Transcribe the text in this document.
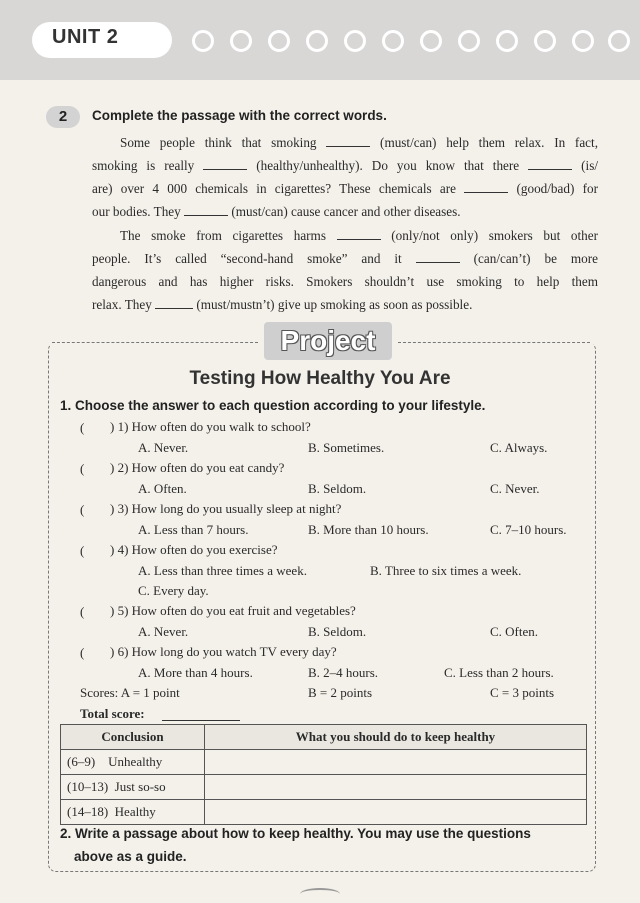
UNIT 2
2	Complete the passage with the correct words.
Some people think that smoking	(must/can) help them relax. In fact,
smoking is really	(healthy/unhealthy). Do you know that there	(is/
are) over 4 000 chemicals in cigarettes? These chemicals are	(good/bad) for
our bodies. They	(must/can) cause cancer and other diseases.
The smoke from cigarettes harms	(only/not only) smokers but other
people. It’s called “second-hand smoke” and it	(can/can’t) be more
dangerous and has higher risks. Smokers shouldn’t use smoking to help them
relax. They	(must/mustn’t) give up smoking as soon as possible.
Project
Testing How Healthy You Are
1. Choose the answer to each question according to your lifestyle.
( ) 1) How often do you walk to school?
A. Never.	B. Sometimes.	C. Always.
( ) 2) How often do you eat candy?
A. Often.	B. Seldom.	C. Never.
( ) 3) How long do you usually sleep at night?
A. Less than 7 hours.	B. More than 10 hours.	C. 7–10 hours.
( ) 4) How often do you exercise?
A. Less than three times a week.	B. Three to six times a week.
C. Every day.
( ) 5) How often do you eat fruit and vegetables?
A. Never.	B. Seldom.	C. Often.
( ) 6) How long do you watch TV every day?
A. More than 4 hours.	B. 2–4 hours.	C. Less than 2 hours.
Scores: A = 1 point	B = 2 points	C = 3 points
Total score:
Conclusion	What you should do to keep healthy
(6–9)    Unhealthy	
(10–13)  Just so-so	
(14–18)  Healthy	
2. Write a passage about how to keep healthy. You may use the questions
above as a guide.
